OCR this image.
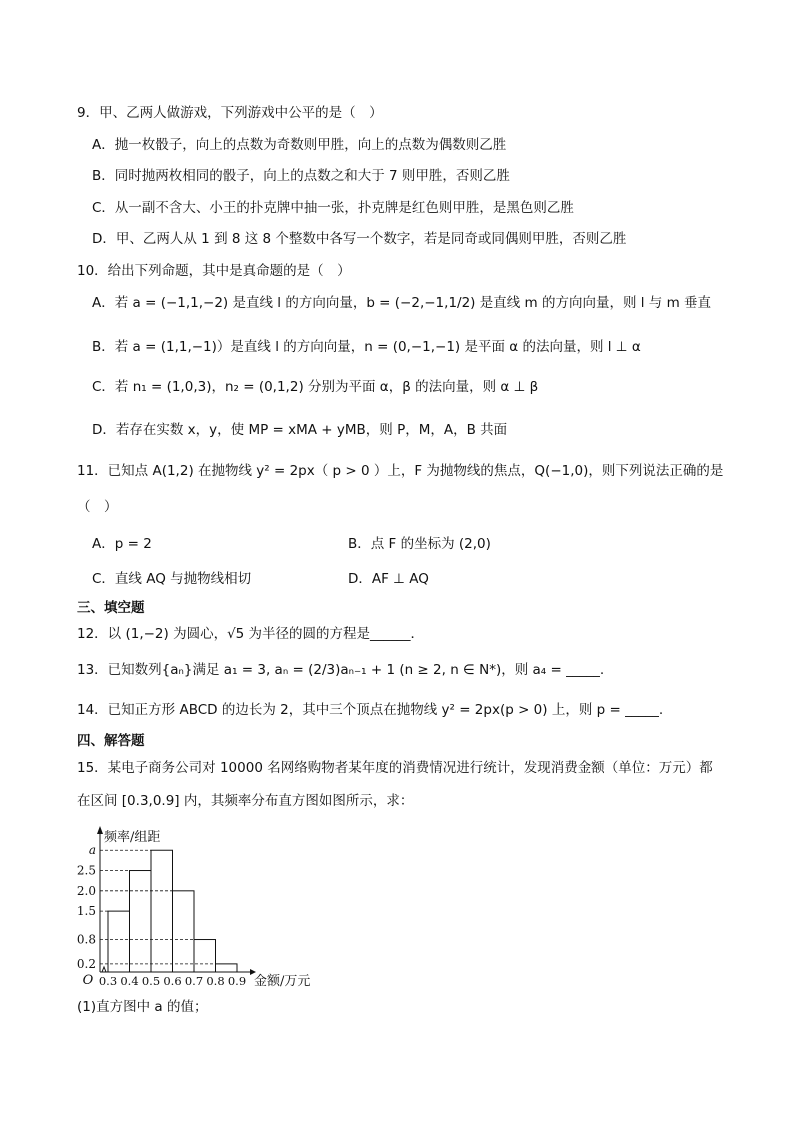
9．甲、乙两人做游戏，下列游戏中公平的是（　）
A．抛一枚骰子，向上的点数为奇数则甲胜，向上的点数为偶数则乙胜
B．同时抛两枚相同的骰子，向上的点数之和大于 7 则甲胜，否则乙胜
C．从一副不含大、小王的扑克牌中抽一张，扑克牌是红色则甲胜，是黑色则乙胜
D．甲、乙两人从 1 到 8 这 8 个整数中各写一个数字，若是同奇或同偶则甲胜，否则乙胜
10．给出下列命题，其中是真命题的是（　）
A．若 a = (−1,1,−2) 是直线 l 的方向向量，b = (−2,−1,1/2) 是直线 m 的方向向量，则 l 与 m 垂直
B．若 a = (1,1,−1)）是直线 l 的方向向量，n = (0,−1,−1) 是平面 α 的法向量，则 l ⊥ α
C．若 n₁ = (1,0,3)，n₂ = (0,1,2) 分别为平面 α，β 的法向量，则 α ⊥ β
D．若存在实数 x，y，使 MP = xMA + yMB，则 P，M，A，B 共面
11．已知点 A(1,2) 在抛物线 y² = 2px（ p > 0 ）上，F 为抛物线的焦点，Q(−1,0)，则下列说法正确的是
（　）
A．p = 2	B．点 F 的坐标为 (2,0)
C．直线 AQ 与抛物线相切	D．AF ⊥ AQ
三、填空题
12．以 (1,−2) 为圆心，√5 为半径的圆的方程是______．
13．已知数列{aₙ}满足 a₁ = 3, aₙ = (2/3)aₙ₋₁ + 1 (n ≥ 2, n ∈ N*)，则 a₄ = _____.
14．已知正方形 ABCD 的边长为 2，其中三个顶点在抛物线 y² = 2px(p > 0) 上，则 p = _____.
四、解答题
15．某电子商务公司对 10000 名网络购物者某年度的消费情况进行统计，发现消费金额（单位：万元）都
在区间 [0.3,0.9] 内，其频率分布直方图如图所示，求：
频率/组距
金额/万元
O
a
2.5
2.0
1.5
0.8
0.2
0.3 0.4 0.5 0.6 0.7 0.8 0.9
(1)直方图中 a 的值；
